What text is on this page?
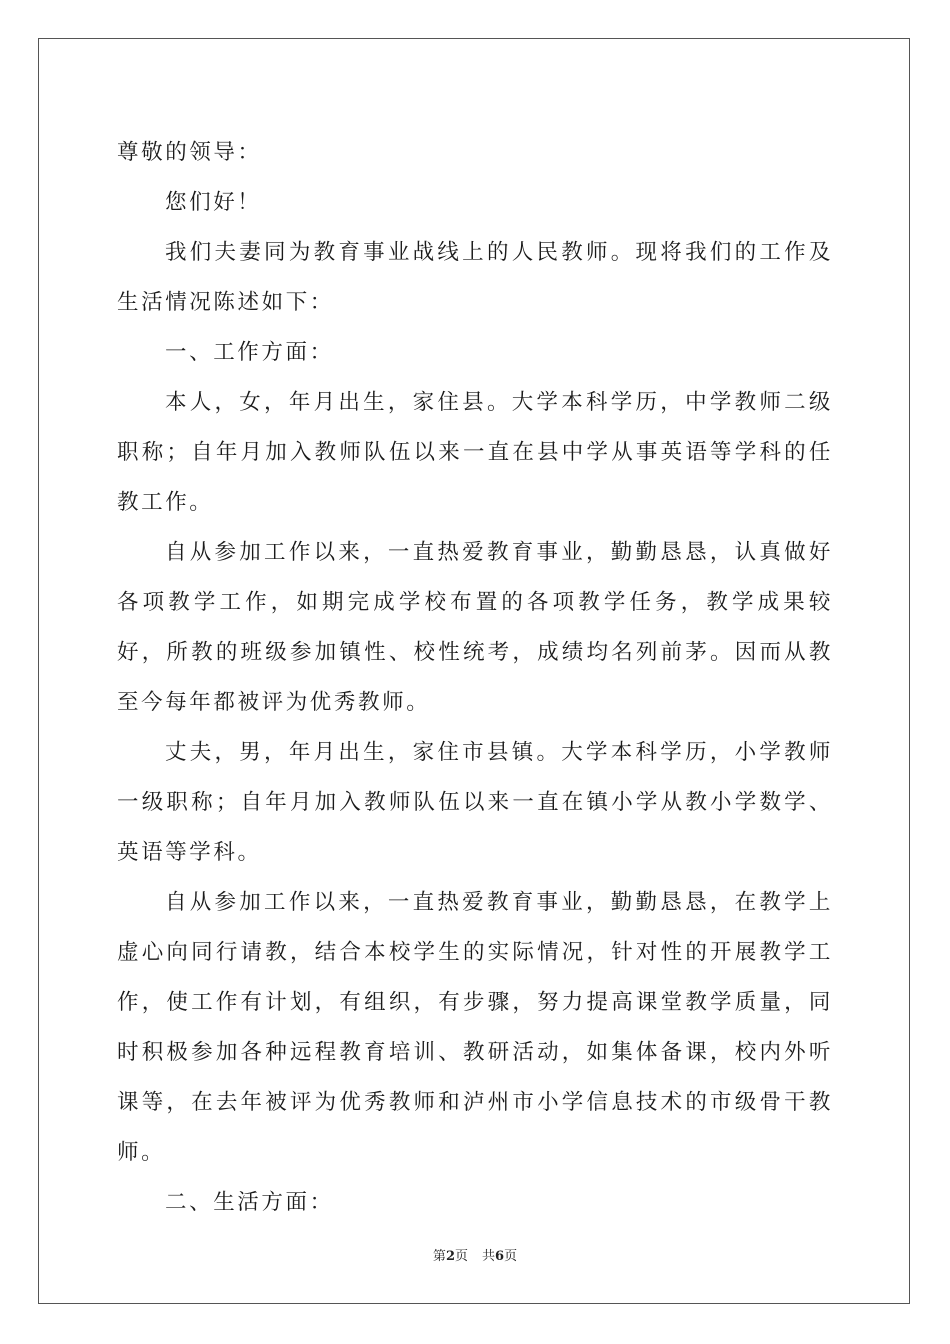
尊敬的领导：

您们好！

我们夫妻同为教育事业战线上的人民教师。现将我们的工作及生活情况陈述如下：

一、工作方面：

本人，女，年月出生，家住县。大学本科学历，中学教师二级职称；自年月加入教师队伍以来一直在县中学从事英语等学科的任教工作。

自从参加工作以来，一直热爱教育事业，勤勤恳恳，认真做好各项教学工作，如期完成学校布置的各项教学任务，教学成果较好，所教的班级参加镇性、校性统考，成绩均名列前茅。因而从教至今每年都被评为优秀教师。

丈夫，男，年月出生，家住市县镇。大学本科学历，小学教师一级职称；自年月加入教师队伍以来一直在镇小学从教小学数学、英语等学科。

自从参加工作以来，一直热爱教育事业，勤勤恳恳，在教学上虚心向同行请教，结合本校学生的实际情况，针对性的开展教学工作，使工作有计划，有组织，有步骤，努力提高课堂教学质量，同时积极参加各种远程教育培训、教研活动，如集体备课，校内外听课等，在去年被评为优秀教师和泸州市小学信息技术的市级骨干教师。

二、生活方面：

第2页 共6页
